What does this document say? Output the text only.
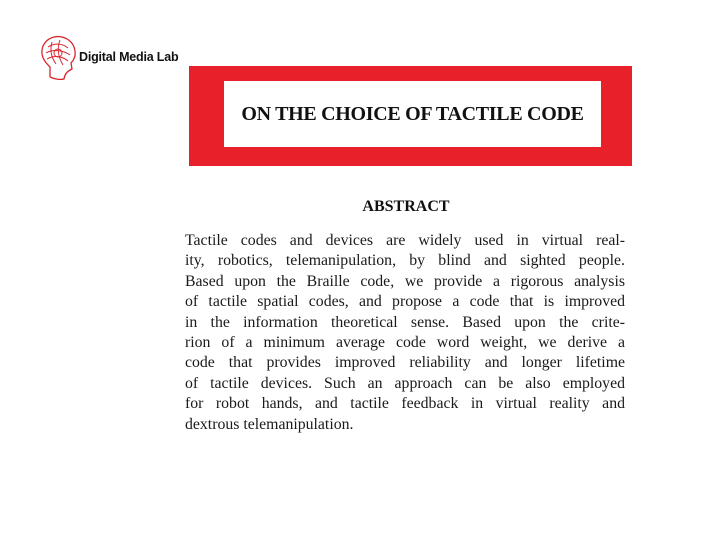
Digital Media Lab
ON THE CHOICE OF TACTILE CODE
ABSTRACT
Tactile codes and devices are widely used in virtual real-
ity, robotics, telemanipulation, by blind and sighted people.
Based upon the Braille code, we provide a rigorous analysis
of tactile spatial codes, and propose a code that is improved
in the information theoretical sense. Based upon the crite-
rion of a minimum average code word weight, we derive a
code that provides improved reliability and longer lifetime
of tactile devices. Such an approach can be also employed
for robot hands, and tactile feedback in virtual reality and
dextrous telemanipulation.
